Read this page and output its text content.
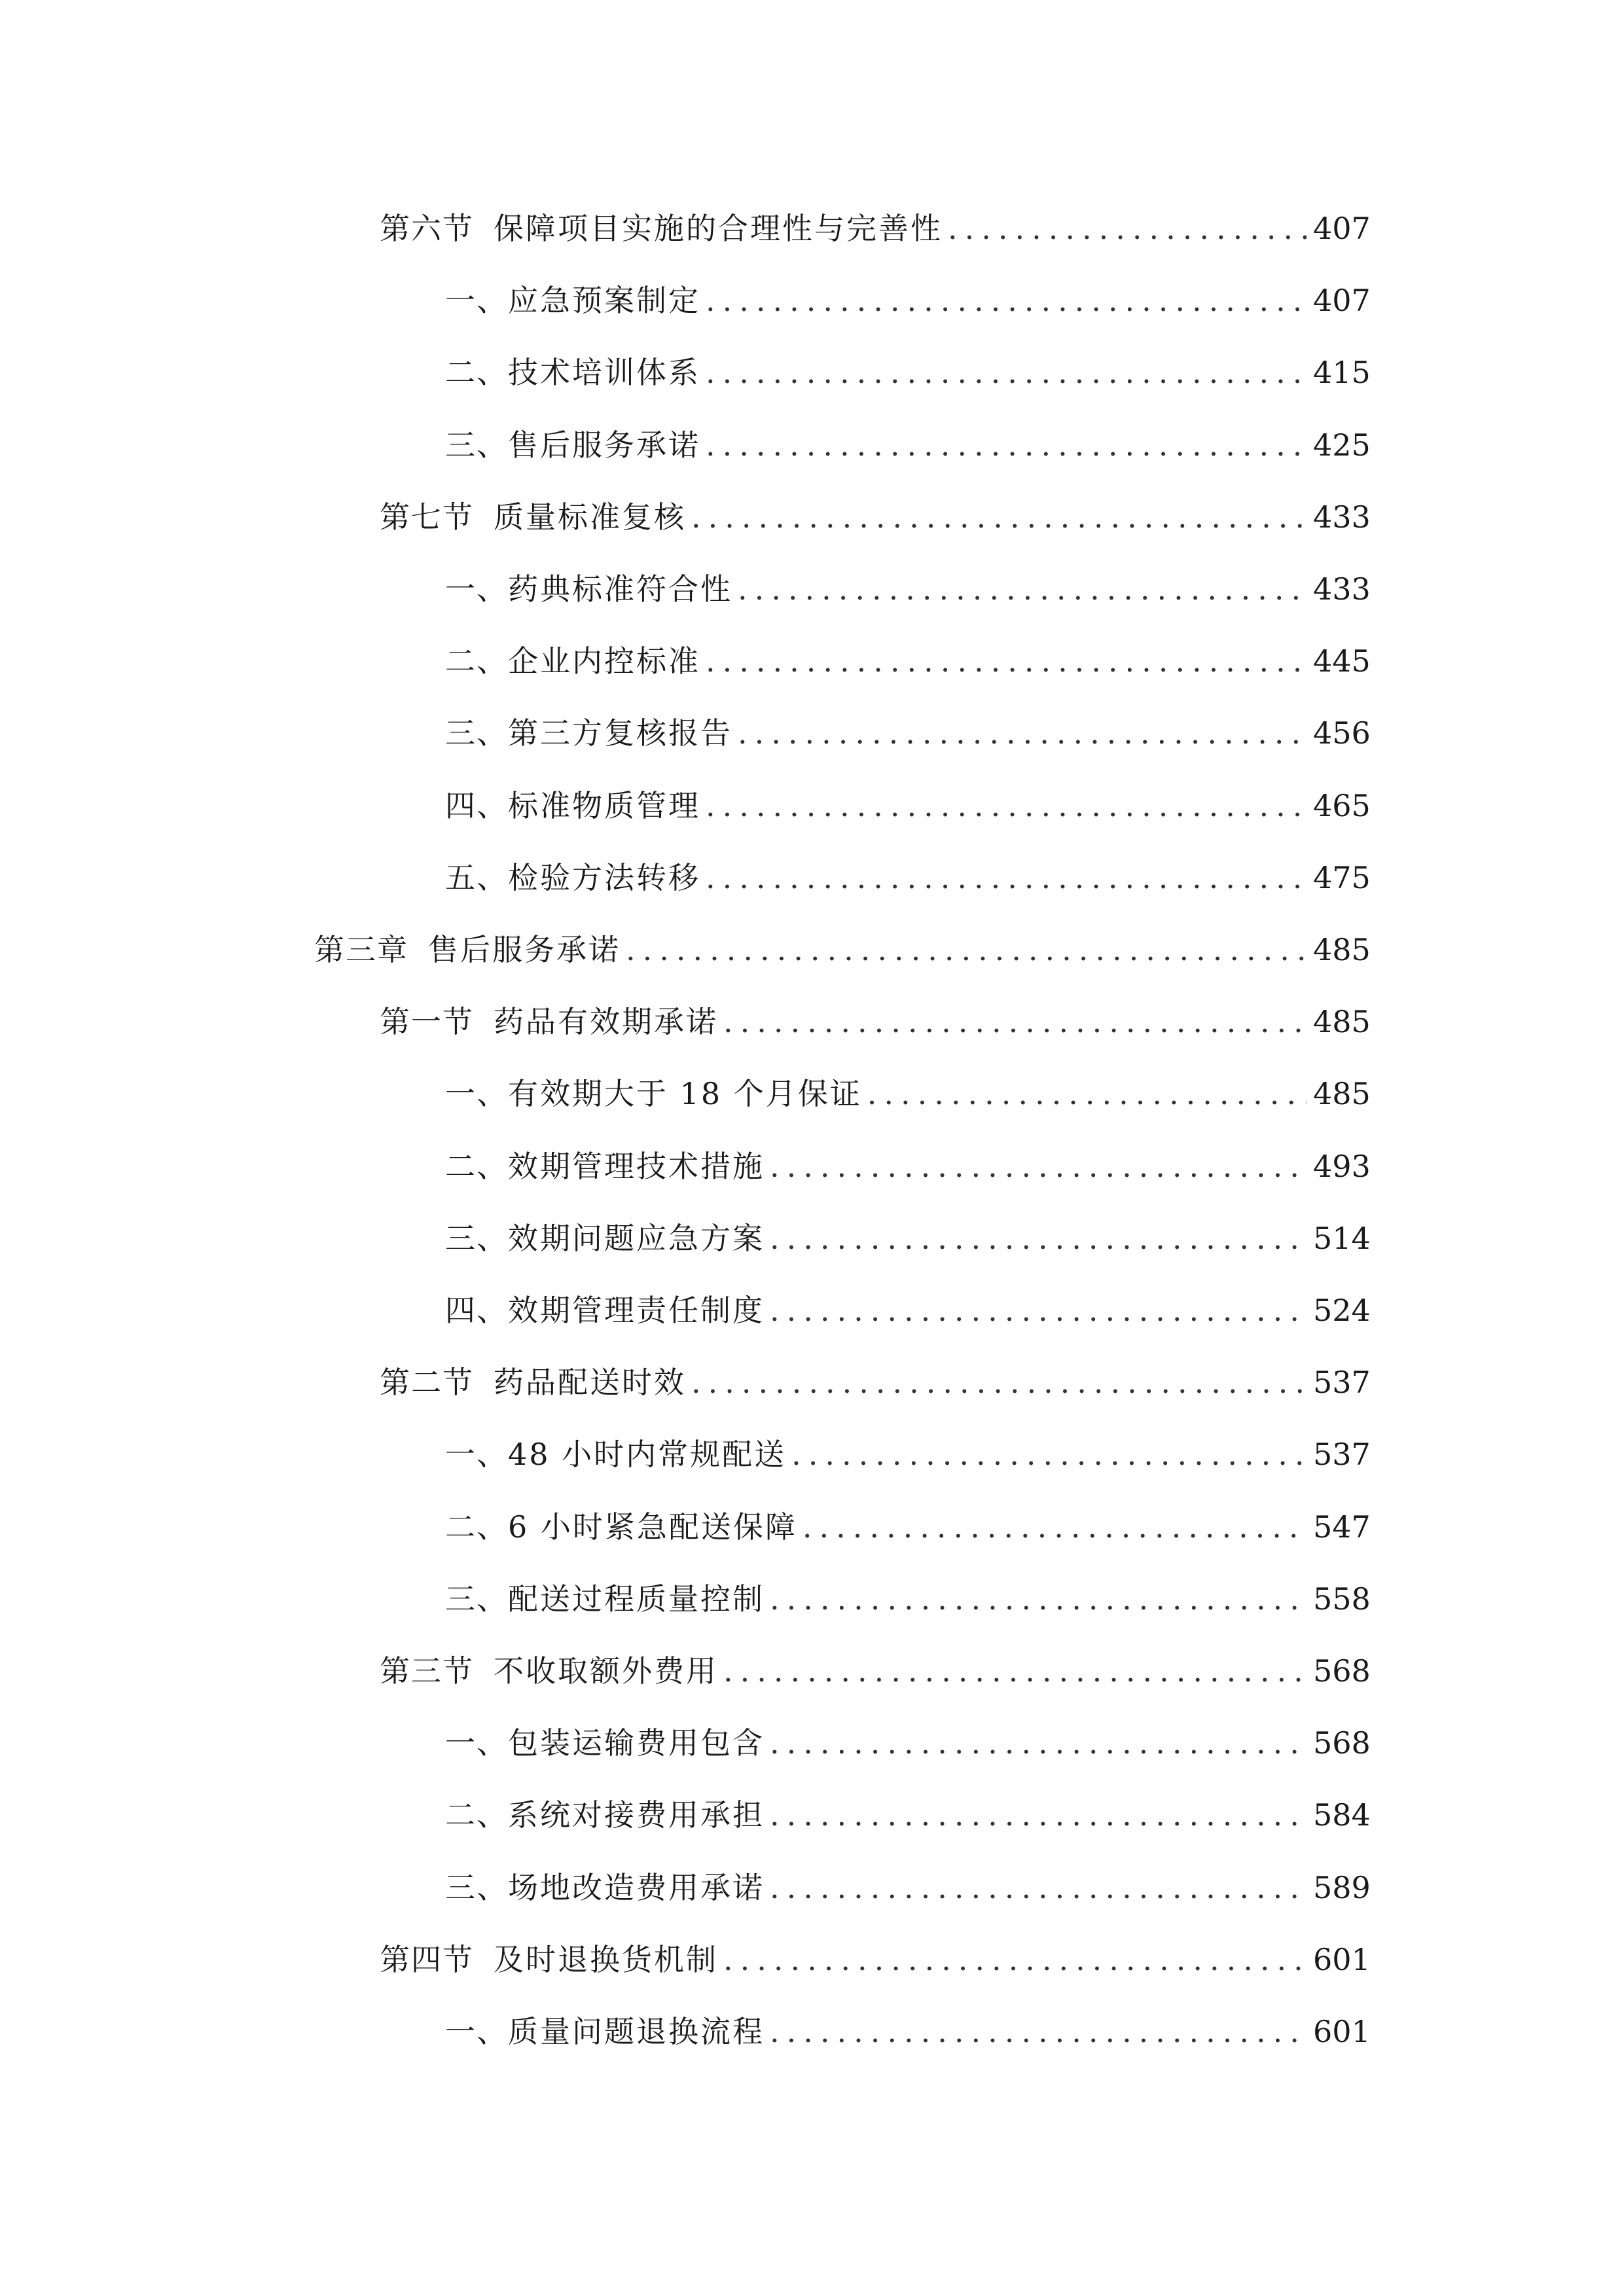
第六节 保障项目实施的合理性与完善性 .....	407
一、 应急预案制定 .....	407
二、 技术培训体系 .....	415
三、 售后服务承诺 .....	425
第七节 质量标准复核 .....	433
一、 药典标准符合性 .....	433
二、 企业内控标准 .....	445
三、 第三方复核报告 .....	456
四、 标准物质管理 .....	465
五、 检验方法转移 .....	475
第三章 售后服务承诺 .....	485
第一节 药品有效期承诺 .....	485
一、 有效期大于 18 个月保证 .....	485
二、 效期管理技术措施 .....	493
三、 效期问题应急方案 .....	514
四、 效期管理责任制度 .....	524
第二节 药品配送时效 .....	537
一、 48 小时内常规配送 .....	537
二、 6 小时紧急配送保障 .....	547
三、 配送过程质量控制 .....	558
第三节 不收取额外费用 .....	568
一、 包装运输费用包含 .....	568
二、 系统对接费用承担 .....	584
三、 场地改造费用承诺 .....	589
第四节 及时退换货机制 .....	601
一、 质量问题退换流程 .....	601
